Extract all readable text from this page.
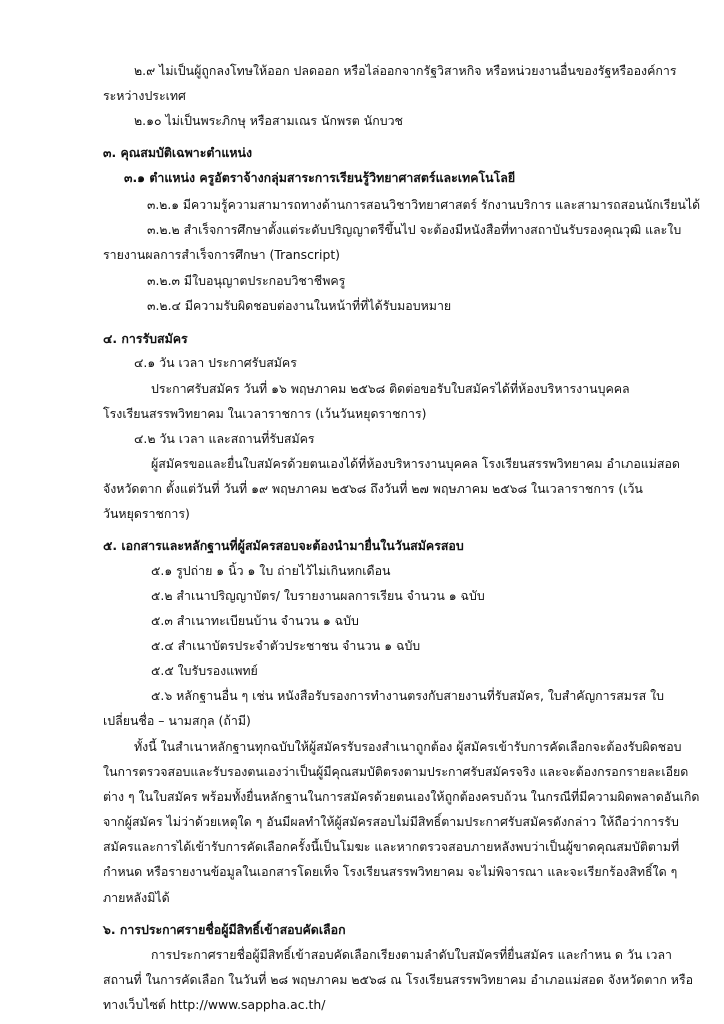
๒.๙ ไม่เป็นผู้ถูกลงโทษให้ออก ปลดออก หรือไล่ออกจากรัฐวิสาหกิจ หรือหน่วยงานอื่นของรัฐหรือองค์การ
ระหว่างประเทศ
๒.๑๐ ไม่เป็นพระภิกษุ หรือสามเณร นักพรต นักบวช
๓. คุณสมบัติเฉพาะตำแหน่ง
๓.๑ ตำแหน่ง ครูอัตราจ้างกลุ่มสาระการเรียนรู้วิทยาศาสตร์และเทคโนโลยี
๓.๒.๑ มีความรู้ความสามารถทางด้านการสอนวิชาวิทยาศาสตร์ รักงานบริการ และสามารถสอนนักเรียนได้
๓.๒.๒ สำเร็จการศึกษาตั้งแต่ระดับปริญญาตรีขึ้นไป จะต้องมีหนังสือที่ทางสถาบันรับรองคุณวุฒิ และใบ
รายงานผลการสำเร็จการศึกษา (Transcript)
๓.๒.๓ มีใบอนุญาตประกอบวิชาชีพครู
๓.๒.๔ มีความรับผิดชอบต่องานในหน้าที่ที่ได้รับมอบหมาย
๔. การรับสมัคร
๔.๑ วัน เวลา ประกาศรับสมัคร
ประกาศรับสมัคร วันที่ ๑๖ พฤษภาคม ๒๕๖๘ ติดต่อขอรับใบสมัครได้ที่ห้องบริหารงานบุคคล
โรงเรียนสรรพวิทยาคม ในเวลาราชการ (เว้นวันหยุดราชการ)
๔.๒ วัน เวลา และสถานที่รับสมัคร
ผู้สมัครขอและยื่นใบสมัครด้วยตนเองได้ที่ห้องบริหารงานบุคคล โรงเรียนสรรพวิทยาคม อำเภอแม่สอด
จังหวัดตาก ตั้งแต่วันที่ วันที่ ๑๙ พฤษภาคม ๒๕๖๘ ถึงวันที่ ๒๗ พฤษภาคม ๒๕๖๘ ในเวลาราชการ (เว้น
วันหยุดราชการ)
๕. เอกสารและหลักฐานที่ผู้สมัครสอบจะต้องนำมายื่นในวันสมัครสอบ
๕.๑ รูปถ่าย ๑ นิ้ว ๑ ใบ ถ่ายไว้ไม่เกินหกเดือน
๕.๒ สำเนาปริญญาบัตร/ ใบรายงานผลการเรียน จำนวน ๑ ฉบับ
๕.๓ สำเนาทะเบียนบ้าน จำนวน ๑ ฉบับ
๕.๔ สำเนาบัตรประจำตัวประชาชน จำนวน ๑ ฉบับ
๕.๕ ใบรับรองแพทย์
๕.๖ หลักฐานอื่น ๆ เช่น หนังสือรับรองการทำงานตรงกับสายงานที่รับสมัคร, ใบสำคัญการสมรส ใบ
เปลี่ยนชื่อ – นามสกุล (ถ้ามี)
ทั้งนี้ ในสำเนาหลักฐานทุกฉบับให้ผู้สมัครรับรองสำเนาถูกต้อง ผู้สมัครเข้ารับการคัดเลือกจะต้องรับผิดชอบ
ในการตรวจสอบและรับรองตนเองว่าเป็นผู้มีคุณสมบัติตรงตามประกาศรับสมัครจริง และจะต้องกรอกรายละเอียด
ต่าง ๆ ในใบสมัคร พร้อมทั้งยื่นหลักฐานในการสมัครด้วยตนเองให้ถูกต้องครบถ้วน ในกรณีที่มีความผิดพลาดอันเกิด
จากผู้สมัคร ไม่ว่าด้วยเหตุใด ๆ อันมีผลทำให้ผู้สมัครสอบไม่มีสิทธิ์ตามประกาศรับสมัครดังกล่าว ให้ถือว่าการรับ
สมัครและการได้เข้ารับการคัดเลือกครั้งนี้เป็นโมฆะ และหากตรวจสอบภายหลังพบว่าเป็นผู้ขาดคุณสมบัติตามที่
กำหนด หรือรายงานข้อมูลในเอกสารโดยเท็จ โรงเรียนสรรพวิทยาคม จะไม่พิจารณา และจะเรียกร้องสิทธิ์ใด ๆ
ภายหลังมิได้
๖. การประกาศรายชื่อผู้มีสิทธิ์เข้าสอบคัดเลือก
การประกาศรายชื่อผู้มีสิทธิ์เข้าสอบคัดเลือกเรียงตามลำดับใบสมัครที่ยื่นสมัคร และกำหน ด วัน เวลา
สถานที่ ในการคัดเลือก ในวันที่ ๒๘ พฤษภาคม ๒๕๖๘ ณ โรงเรียนสรรพวิทยาคม อำเภอแม่สอด จังหวัดตาก หรือ
ทางเว็บไซต์ http://www.sappha.ac.th/
